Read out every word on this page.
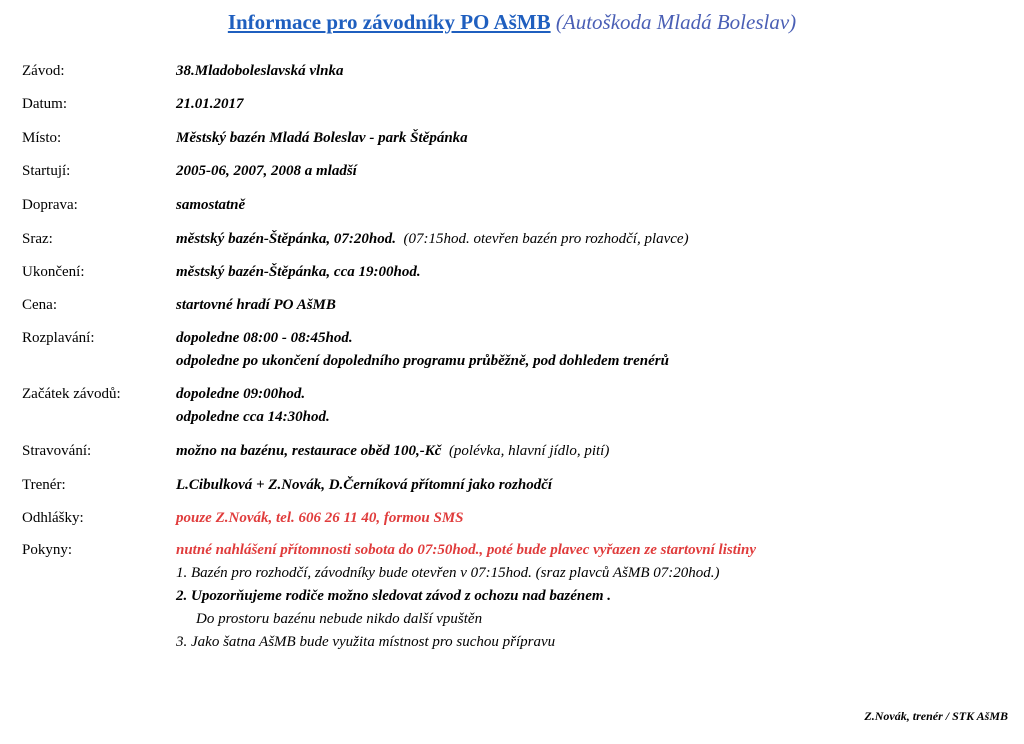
Informace pro závodníky PO AšMB (Autoškoda Mladá Boleslav)
Závod:	38.Mladoboleslavská vlnka
Datum:	21.01.2017
Místo:	Městský bazén Mladá Boleslav - park Štěpánka
Startují:	2005-06, 2007, 2008 a mladší
Doprava:	samostatně
Sraz:	městský bazén-Štěpánka, 07:20hod. (07:15hod. otevřen bazén pro rozhodčí, plavce)
Ukončení:	městský bazén-Štěpánka, cca 19:00hod.
Cena:	startovné hradí PO AšMB
Rozplavání:	dopoledne 08:00 - 08:45hod.
odpoledne po ukončení dopoledního programu průběžně, pod dohledem trenérů
Začátek závodů:	dopoledne 09:00hod.
odpoledne cca 14:30hod.
Stravování:	možno na bazénu, restaurace oběd 100,-Kč (polévka, hlavní jídlo, pití)
Trenér:	L.Cibulková + Z.Novák, D.Černíková přítomní jako rozhodčí
Odhlášky:	pouze Z.Novák, tel. 606 26 11 40, formou SMS
Pokyny:	nutné nahlášení přítomnosti sobota do 07:50hod., poté bude plavec vyřazen ze startovní listiny
1. Bazén pro rozhodčí, závodníky bude otevřen v 07:15hod. (sraz plavců AšMB 07:20hod.)
2. Upozorňujeme rodiče možno sledovat závod z ochozu nad bazénem .
Do prostoru bazénu nebude nikdo další vpuštěn
3. Jako šatna AšMB bude využita místnost pro suchou přípravu
Z.Novák, trenér / STK AšMB
